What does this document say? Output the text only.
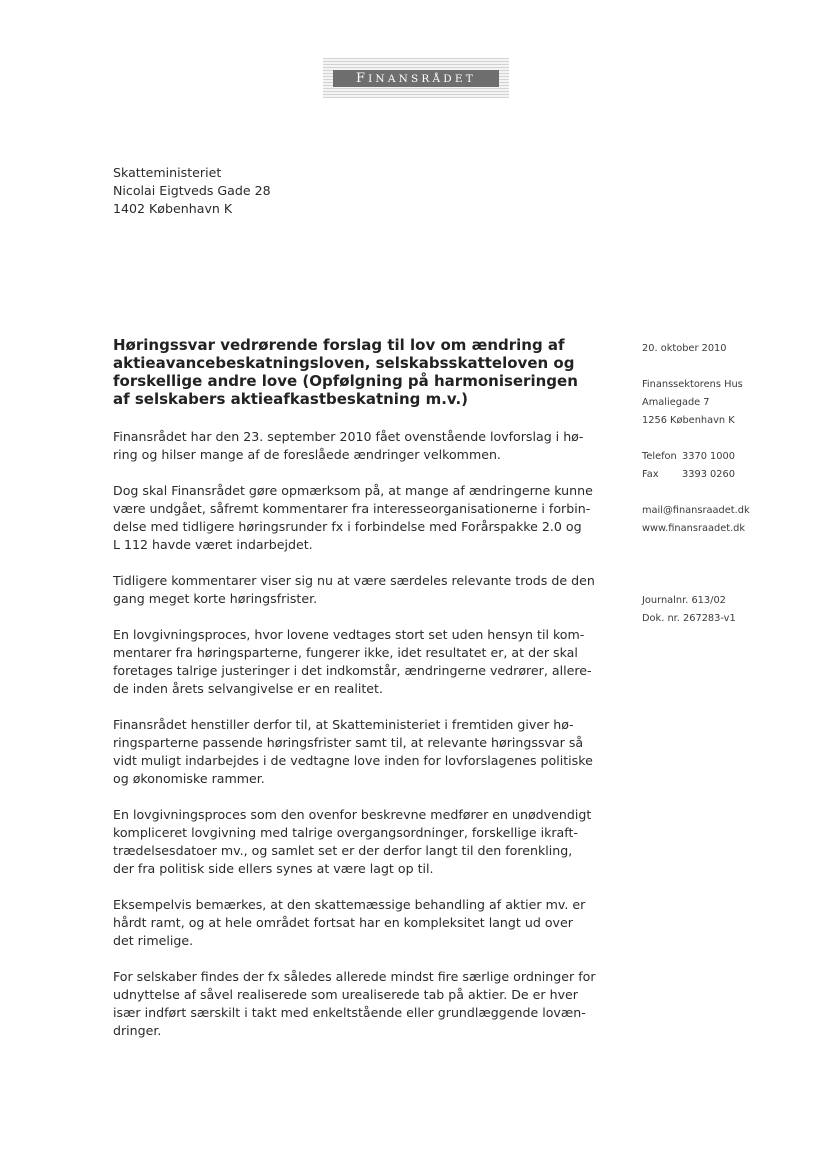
FINANSRÅDET
Skatteministeriet
Nicolai Eigtveds Gade 28
1402 København K
Høringssvar vedrørende forslag til lov om ændring af
aktieavancebeskatningsloven, selskabsskatteloven og
forskellige andre love (Opfølgning på harmoniseringen
af selskabers aktieafkastbeskatning m.v.)
20. oktober 2010
Finanssektorens Hus
Amaliegade 7
1256 København K
Telefon 3370 1000
Fax 3393 0260
mail@finansraadet.dk
www.finansraadet.dk
Journalnr. 613/02
Dok. nr. 267283-v1
Finansrådet har den 23. september 2010 fået ovenstående lovforslag i hø-
ring og hilser mange af de foreslåede ændringer velkommen.
Dog skal Finansrådet gøre opmærksom på, at mange af ændringerne kunne
være undgået, såfremt kommentarer fra interesseorganisationerne i forbin-
delse med tidligere høringsrunder fx i forbindelse med Forårspakke 2.0 og
L 112 havde været indarbejdet.
Tidligere kommentarer viser sig nu at være særdeles relevante trods de den
gang meget korte høringsfrister.
En lovgivningsproces, hvor lovene vedtages stort set uden hensyn til kom-
mentarer fra høringsparterne, fungerer ikke, idet resultatet er, at der skal
foretages talrige justeringer i det indkomstår, ændringerne vedrører, allere-
de inden årets selvangivelse er en realitet.
Finansrådet henstiller derfor til, at Skatteministeriet i fremtiden giver hø-
ringsparterne passende høringsfrister samt til, at relevante høringssvar så
vidt muligt indarbejdes i de vedtagne love inden for lovforslagenes politiske
og økonomiske rammer.
En lovgivningsproces som den ovenfor beskrevne medfører en unødvendigt
kompliceret lovgivning med talrige overgangsordninger, forskellige ikraft-
trædelsesdatoer mv., og samlet set er der derfor langt til den forenkling,
der fra politisk side ellers synes at være lagt op til.
Eksempelvis bemærkes, at den skattemæssige behandling af aktier mv. er
hårdt ramt, og at hele området fortsat har en kompleksitet langt ud over
det rimelige.
For selskaber findes der fx således allerede mindst fire særlige ordninger for
udnyttelse af såvel realiserede som urealiserede tab på aktier. De er hver
især indført særskilt i takt med enkeltstående eller grundlæggende lovæn-
dringer.
